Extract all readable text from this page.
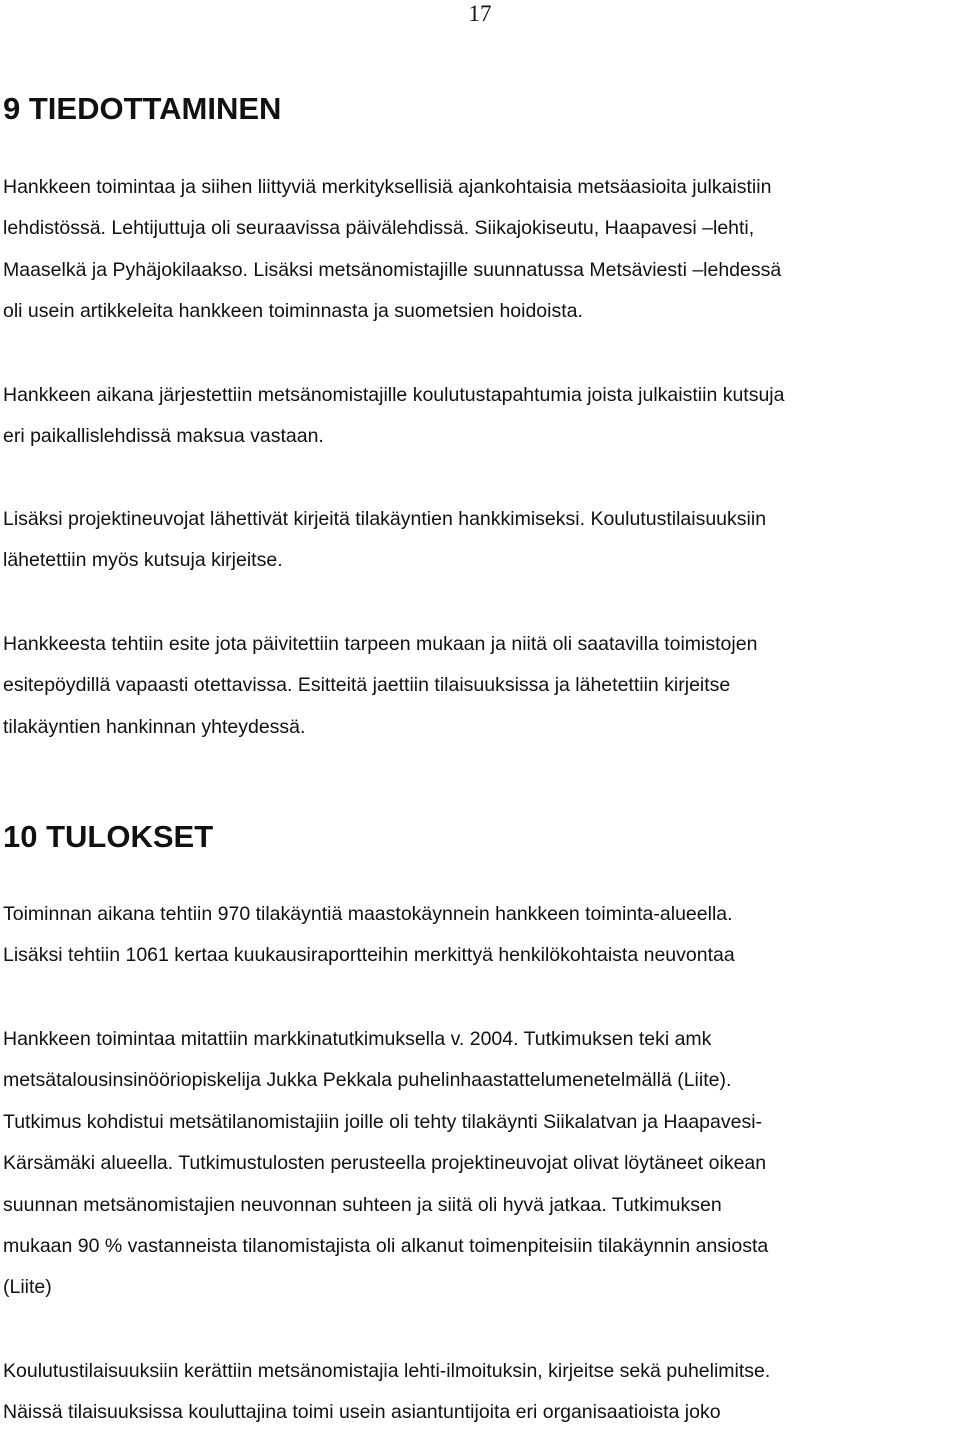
17
9 TIEDOTTAMINEN
Hankkeen toimintaa ja siihen liittyviä merkityksellisiä ajankohtaisia metsäasioita julkaistiin
lehdistössä. Lehtijuttuja oli seuraavissa päivälehdissä. Siikajokiseutu, Haapavesi –lehti,
Maaselkä ja Pyhäjokilaakso. Lisäksi metsänomistajille suunnatussa Metsäviesti –lehdessä
oli usein artikkeleita hankkeen toiminnasta ja suometsien hoidoista.
Hankkeen aikana järjestettiin metsänomistajille koulutustapahtumia joista julkaistiin kutsuja
eri paikallislehdissä maksua vastaan.
Lisäksi projektineuvojat lähettivät kirjeitä tilakäyntien hankkimiseksi. Koulutustilaisuuksiin
lähetettiin myös kutsuja kirjeitse.
Hankkeesta tehtiin esite jota päivitettiin tarpeen mukaan ja niitä oli saatavilla toimistojen
esitepöydillä vapaasti otettavissa. Esitteitä jaettiin tilaisuuksissa ja lähetettiin kirjeitse
tilakäyntien hankinnan yhteydessä.
10 TULOKSET
Toiminnan aikana tehtiin 970 tilakäyntiä maastokäynnein hankkeen toiminta-alueella.
Lisäksi tehtiin 1061 kertaa kuukausiraportteihin merkittyä henkilökohtaista neuvontaa
Hankkeen toimintaa mitattiin markkinatutkimuksella v. 2004. Tutkimuksen teki amk
metsätalousinsinööriopiskelija Jukka Pekkala puhelinhaastattelumenetelmällä (Liite).
Tutkimus kohdistui metsätilanomistajiin joille oli tehty tilakäynti Siikalatvan ja Haapavesi-
Kärsämäki alueella. Tutkimustulosten perusteella projektineuvojat olivat löytäneet oikean
suunnan metsänomistajien neuvonnan suhteen ja siitä oli hyvä jatkaa. Tutkimuksen
mukaan 90 % vastanneista tilanomistajista oli alkanut toimenpiteisiin tilakäynnin ansiosta
(Liite)
Koulutustilaisuuksiin kerättiin metsänomistajia lehti-ilmoituksin, kirjeitse sekä puhelimitse.
Näissä tilaisuuksissa kouluttajina toimi usein asiantuntijoita eri organisaatioista joko
